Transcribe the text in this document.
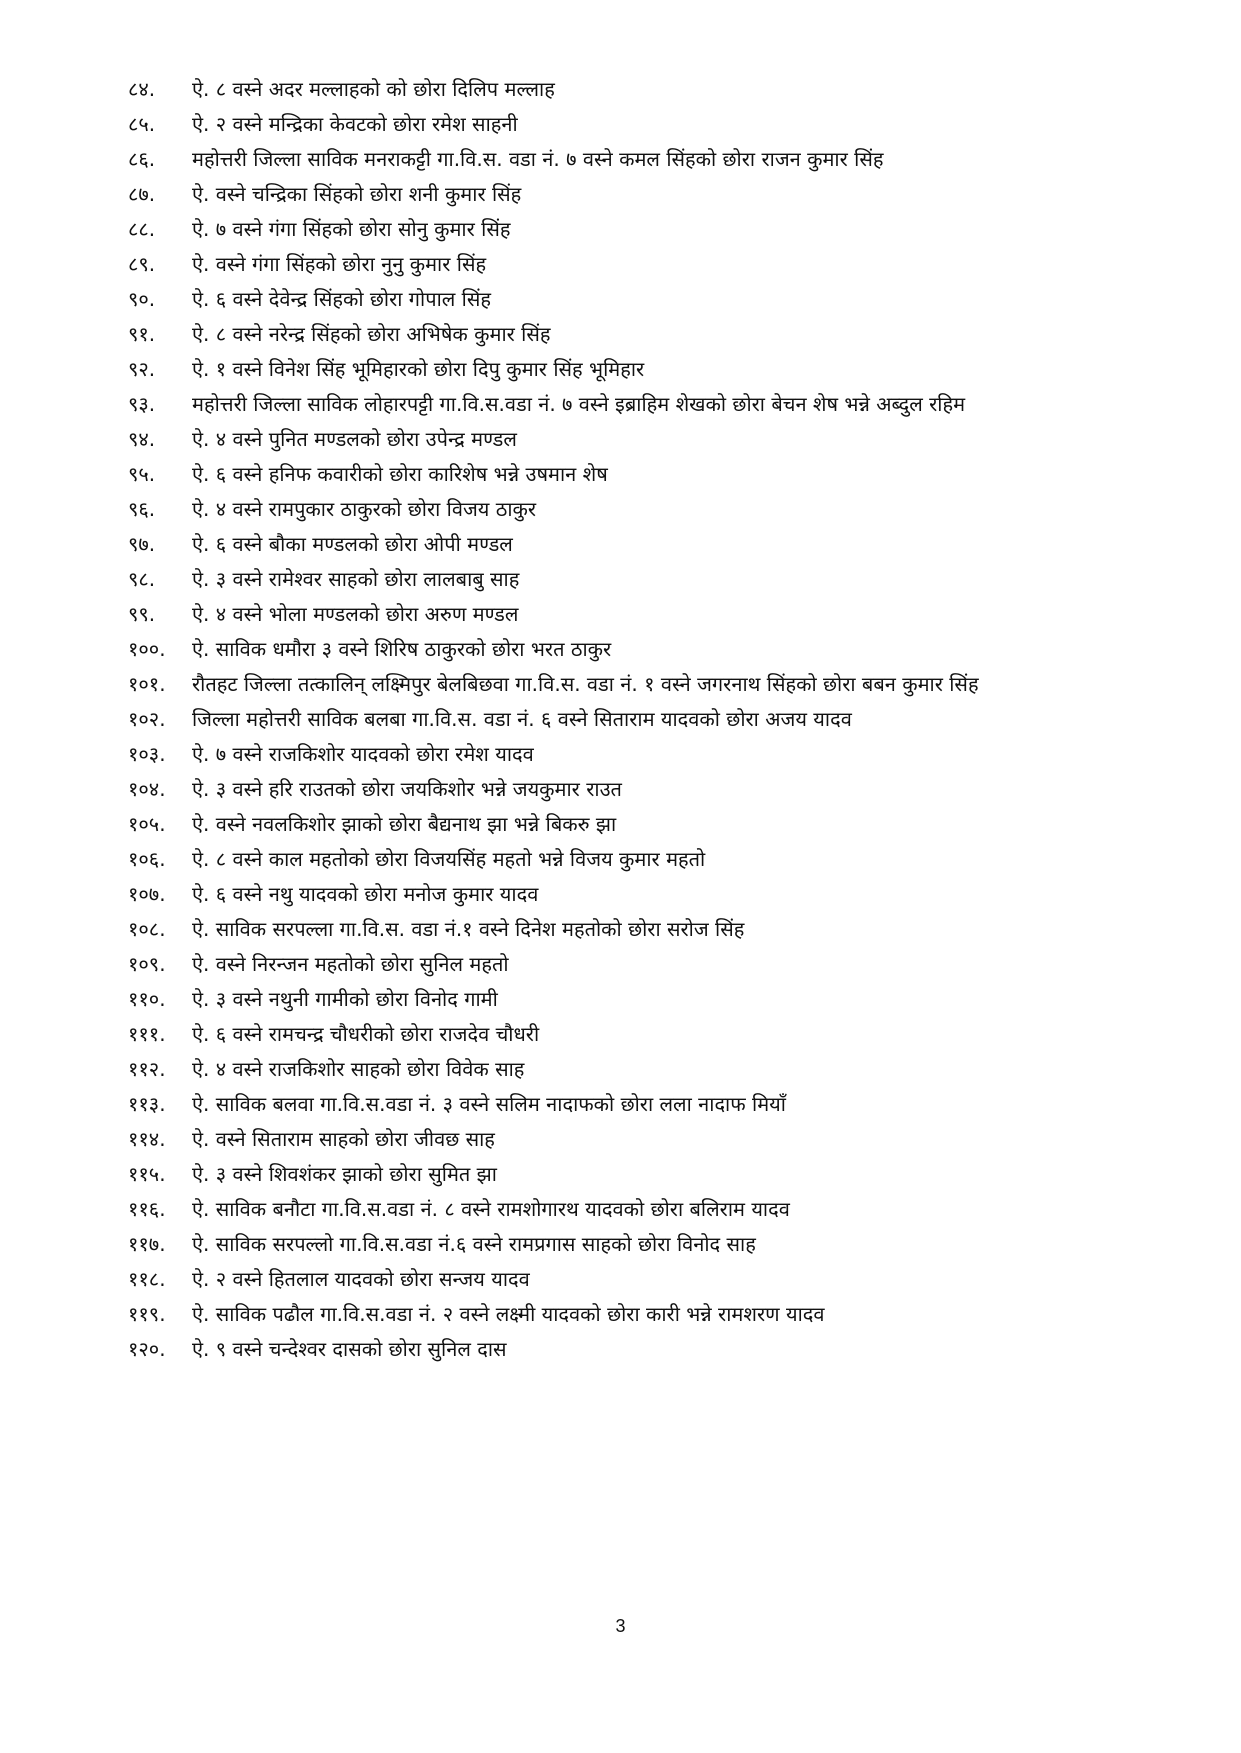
८४.	ऐ. ८ वस्ने अदर मल्लाहको को छोरा दिलिप मल्लाह
८५.	ऐ. २ वस्ने मन्द्रिका केवटको छोरा रमेश साहनी
८६.	महोत्तरी जिल्ला साविक मनराकट्टी गा.वि.स. वडा नं. ७ वस्ने कमल सिंहको छोरा राजन कुमार सिंह
८७.	ऐ. वस्ने चन्द्रिका सिंहको छोरा शनी कुमार सिंह
८८.	ऐ. ७ वस्ने गंगा सिंहको छोरा सोनु कुमार सिंह
८९.	ऐ. वस्ने गंगा सिंहको छोरा नुनु कुमार सिंह
९०.	ऐ. ६ वस्ने देवेन्द्र सिंहको छोरा गोपाल सिंह
९१.	ऐ. ८ वस्ने नरेन्द्र सिंहको छोरा अभिषेक कुमार सिंह
९२.	ऐ. १ वस्ने विनेश सिंह भूमिहारको छोरा दिपु कुमार सिंह भूमिहार
९३.	महोत्तरी जिल्ला साविक लोहारपट्टी गा.वि.स.वडा नं. ७ वस्ने इब्राहिम शेखको छोरा बेचन शेष भन्ने अब्दुल रहिम
९४.	ऐ. ४ वस्ने पुनित मण्डलको छोरा उपेन्द्र मण्डल
९५.	ऐ. ६ वस्ने हनिफ कवारीको छोरा कारिशेष भन्ने उषमान शेष
९६.	ऐ. ४ वस्ने रामपुकार ठाकुरको छोरा विजय ठाकुर
९७.	ऐ. ६ वस्ने बौका मण्डलको छोरा ओपी मण्डल
९८.	ऐ. ३ वस्ने रामेश्वर साहको छोरा लालबाबु साह
९९.	ऐ. ४ वस्ने भोला मण्डलको छोरा अरुण मण्डल
१००.	ऐ. साविक धमौरा ३ वस्ने शिरिष ठाकुरको छोरा भरत ठाकुर
१०१.	रौतहट जिल्ला तत्कालिन् लक्ष्मिपुर बेलबिछवा गा.वि.स. वडा नं. १ वस्ने जगरनाथ सिंहको छोरा बबन कुमार सिंह
१०२.	जिल्ला महोत्तरी साविक बलबा गा.वि.स. वडा नं. ६ वस्ने सिताराम यादवको छोरा अजय यादव
१०३.	ऐ. ७ वस्ने राजकिशोर यादवको छोरा रमेश यादव
१०४.	ऐ. ३ वस्ने हरि राउतको छोरा जयकिशोर भन्ने जयकुमार राउत
१०५.	ऐ. वस्ने नवलकिशोर झाको छोरा बैद्यनाथ झा भन्ने बिकरु झा
१०६.	ऐ. ८ वस्ने काल महतोको छोरा विजयसिंह महतो भन्ने विजय कुमार महतो
१०७.	ऐ. ६ वस्ने नथु यादवको छोरा मनोज कुमार यादव
१०८.	ऐ. साविक सरपल्ला गा.वि.स. वडा नं.१ वस्ने दिनेश महतोको छोरा सरोज सिंह
१०९.	ऐ. वस्ने निरन्जन महतोको छोरा सुनिल महतो
११०.	ऐ. ३ वस्ने नथुनी गामीको छोरा विनोद गामी
१११.	ऐ. ६ वस्ने रामचन्द्र चौधरीको छोरा राजदेव चौधरी
११२.	ऐ. ४ वस्ने राजकिशोर साहको छोरा विवेक साह
११३.	ऐ. साविक बलवा गा.वि.स.वडा नं. ३ वस्ने सलिम नादाफको छोरा लला नादाफ मियाँ
११४.	ऐ. वस्ने सिताराम साहको छोरा जीवछ साह
११५.	ऐ. ३ वस्ने शिवशंकर झाको छोरा सुमित झा
११६.	ऐ. साविक बनौटा गा.वि.स.वडा नं. ८ वस्ने रामशोगारथ यादवको छोरा बलिराम यादव
११७.	ऐ. साविक सरपल्लो गा.वि.स.वडा नं.६ वस्ने रामप्रगास साहको छोरा विनोद साह
११८.	ऐ. २ वस्ने हितलाल यादवको छोरा सन्जय यादव
११९.	ऐ. साविक पढौल गा.वि.स.वडा नं. २ वस्ने लक्ष्मी यादवको छोरा कारी भन्ने रामशरण यादव
१२०.	ऐ. ९ वस्ने चन्देश्वर दासको छोरा सुनिल दास
3
